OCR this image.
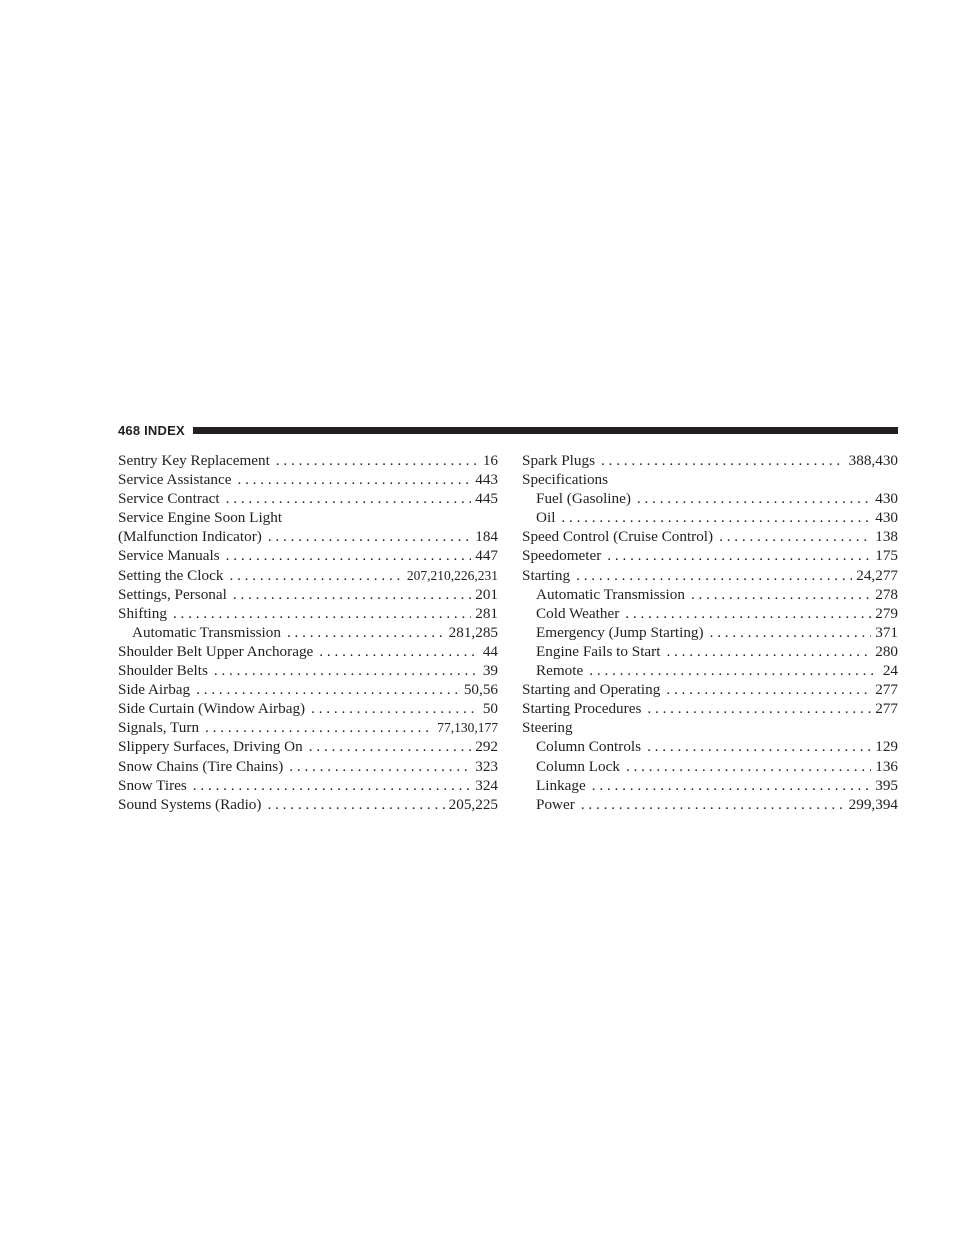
468 INDEX
Sentry Key Replacement . . .	16
Service Assistance . . .	443
Service Contract . . .	445
Service Engine Soon Light
(Malfunction Indicator) . . .	184
Service Manuals . . .	447
Setting the Clock . . .	207,210,226,231
Settings, Personal . . .	201
Shifting . . .	281
Automatic Transmission . . .	281,285
Shoulder Belt Upper Anchorage . . .	44
Shoulder Belts . . .	39
Side Airbag . . .	50,56
Side Curtain (Window Airbag) . . .	50
Signals, Turn . . .	77,130,177
Slippery Surfaces, Driving On . . .	292
Snow Chains (Tire Chains) . . .	323
Snow Tires . . .	324
Sound Systems (Radio) . . .	205,225
Spark Plugs . . .	388,430
Specifications
Fuel (Gasoline) . . .	430
Oil . . .	430
Speed Control (Cruise Control) . . .	138
Speedometer . . .	175
Starting . . .	24,277
Automatic Transmission . . .	278
Cold Weather . . .	279
Emergency (Jump Starting) . . .	371
Engine Fails to Start . . .	280
Remote . . .	24
Starting and Operating . . .	277
Starting Procedures . . .	277
Steering
Column Controls . . .	129
Column Lock . . .	136
Linkage . . .	395
Power . . .	299,394
